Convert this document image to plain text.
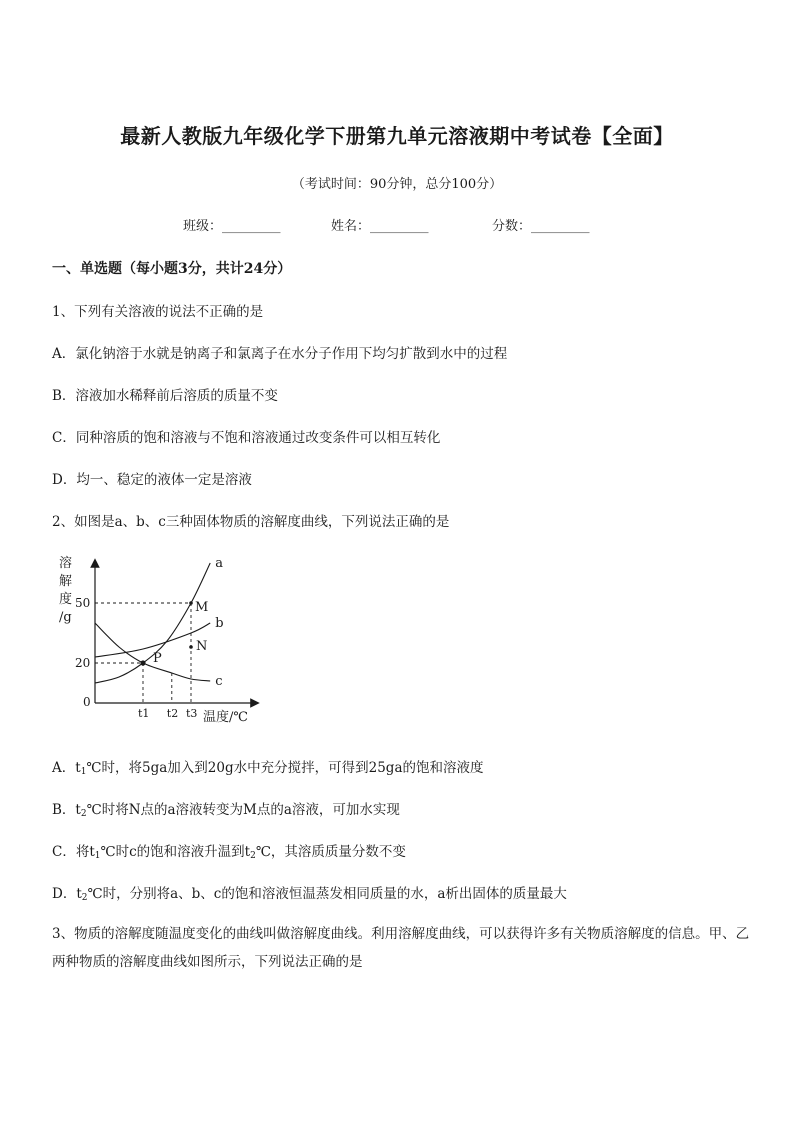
最新人教版九年级化学下册第九单元溶液期中考试卷【全面】
（考试时间：90分钟，总分100分）
班级：_________	姓名：_________	分数：_________
一、单选题（每小题3分，共计24分）
1、下列有关溶液的说法不正确的是
A．氯化钠溶于水就是钠离子和氯离子在水分子作用下均匀扩散到水中的过程
B．溶液加水稀释前后溶质的质量不变
C．同种溶质的饱和溶液与不饱和溶液通过改变条件可以相互转化
D．均一、稳定的液体一定是溶液
2、如图是a、b、c三种固体物质的溶解度曲线，下列说法正确的是
溶
解
度
/g
温度/℃
0
20
50
t1 t2 t3
a
b
c
P
M
N
A．$t_1℃$时，将5ga加入到20g水中充分搅拌，可得到25ga的饱和溶液度
B．$t_2℃$时将N点的a溶液转变为M点的a溶液，可加水实现
C．将$t_1℃$时c的饱和溶液升温到$t_2℃$，其溶质质量分数不变
D．$t_2℃$时，分别将a、b、c的饱和溶液恒温蒸发相同质量的水，a析出固体的质量最大
3、物质的溶解度随温度变化的曲线叫做溶解度曲线。利用溶解度曲线，可以获得许多有关物质溶解度的信息。甲、乙两种物质的溶解度曲线如图所示，下列说法正确的是
